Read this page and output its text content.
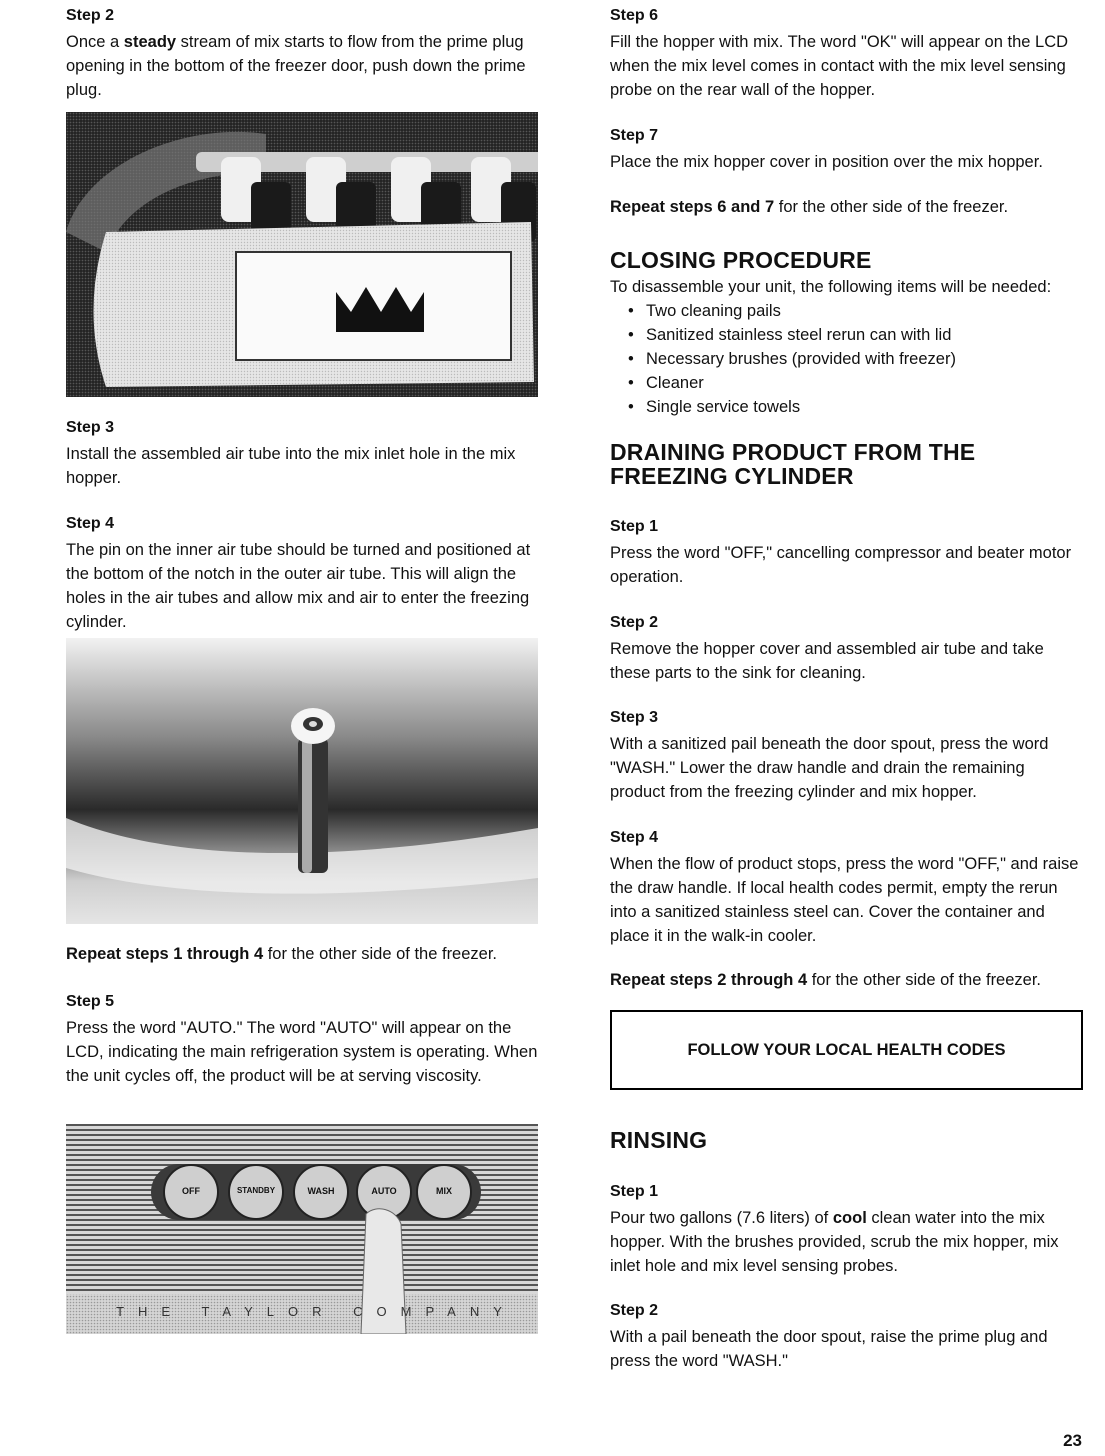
Step 2

Once a steady stream of mix starts to flow from the prime plug opening in the bottom of the freezer door, push down the prime plug.

Step 3

Install the assembled air tube into the mix inlet hole in the mix hopper.

Step 4

The pin on the inner air tube should be turned and positioned at the bottom of the notch in the outer air tube. This will align the holes in the air tubes and allow mix and air to enter the freezing cylinder.

Repeat steps 1 through 4 for the other side of the freezer.

Step 5

Press the word "AUTO." The word "AUTO" will appear on the LCD, indicating the main refrigeration system is operating. When the unit cycles off, the product will be at serving viscosity.

OFF	STANDBY	WASH	AUTO	MIX
THE TAYLOR COMPANY
Step 6

Fill the hopper with mix. The word "OK" will appear on the LCD when the mix level comes in contact with the mix level sensing probe on the rear wall of the hopper.

Step 7

Place the mix hopper cover in position over the mix hopper.

Repeat steps 6 and 7 for the other side of the freezer.

CLOSING PROCEDURE

To disassemble your unit, the following items will be needed:

• Two cleaning pails
• Sanitized stainless steel rerun can with lid
• Necessary brushes (provided with freezer)
• Cleaner
• Single service towels
DRAINING PRODUCT FROM THE
FREEZING CYLINDER
Step 1

Press the word "OFF," cancelling compressor and beater motor operation.

Step 2

Remove the hopper cover and assembled air tube and take these parts to the sink for cleaning.

Step 3

With a sanitized pail beneath the door spout, press the word "WASH." Lower the draw handle and drain the remaining product from the freezing cylinder and mix hopper.

Step 4

When the flow of product stops, press the word "OFF," and raise the draw handle. If local health codes permit, empty the rerun into a sanitized stainless steel can. Cover the container and place it in the walk-in cooler.

Repeat steps 2 through 4 for the other side of the freezer.

FOLLOW YOUR LOCAL HEALTH CODES
RINSING
Step 1

Pour two gallons (7.6 liters) of cool clean water into the mix hopper. With the brushes provided, scrub the mix hopper, mix inlet hole and mix level sensing probes.

Step 2

With a pail beneath the door spout, raise the prime plug and press the word "WASH."

23
